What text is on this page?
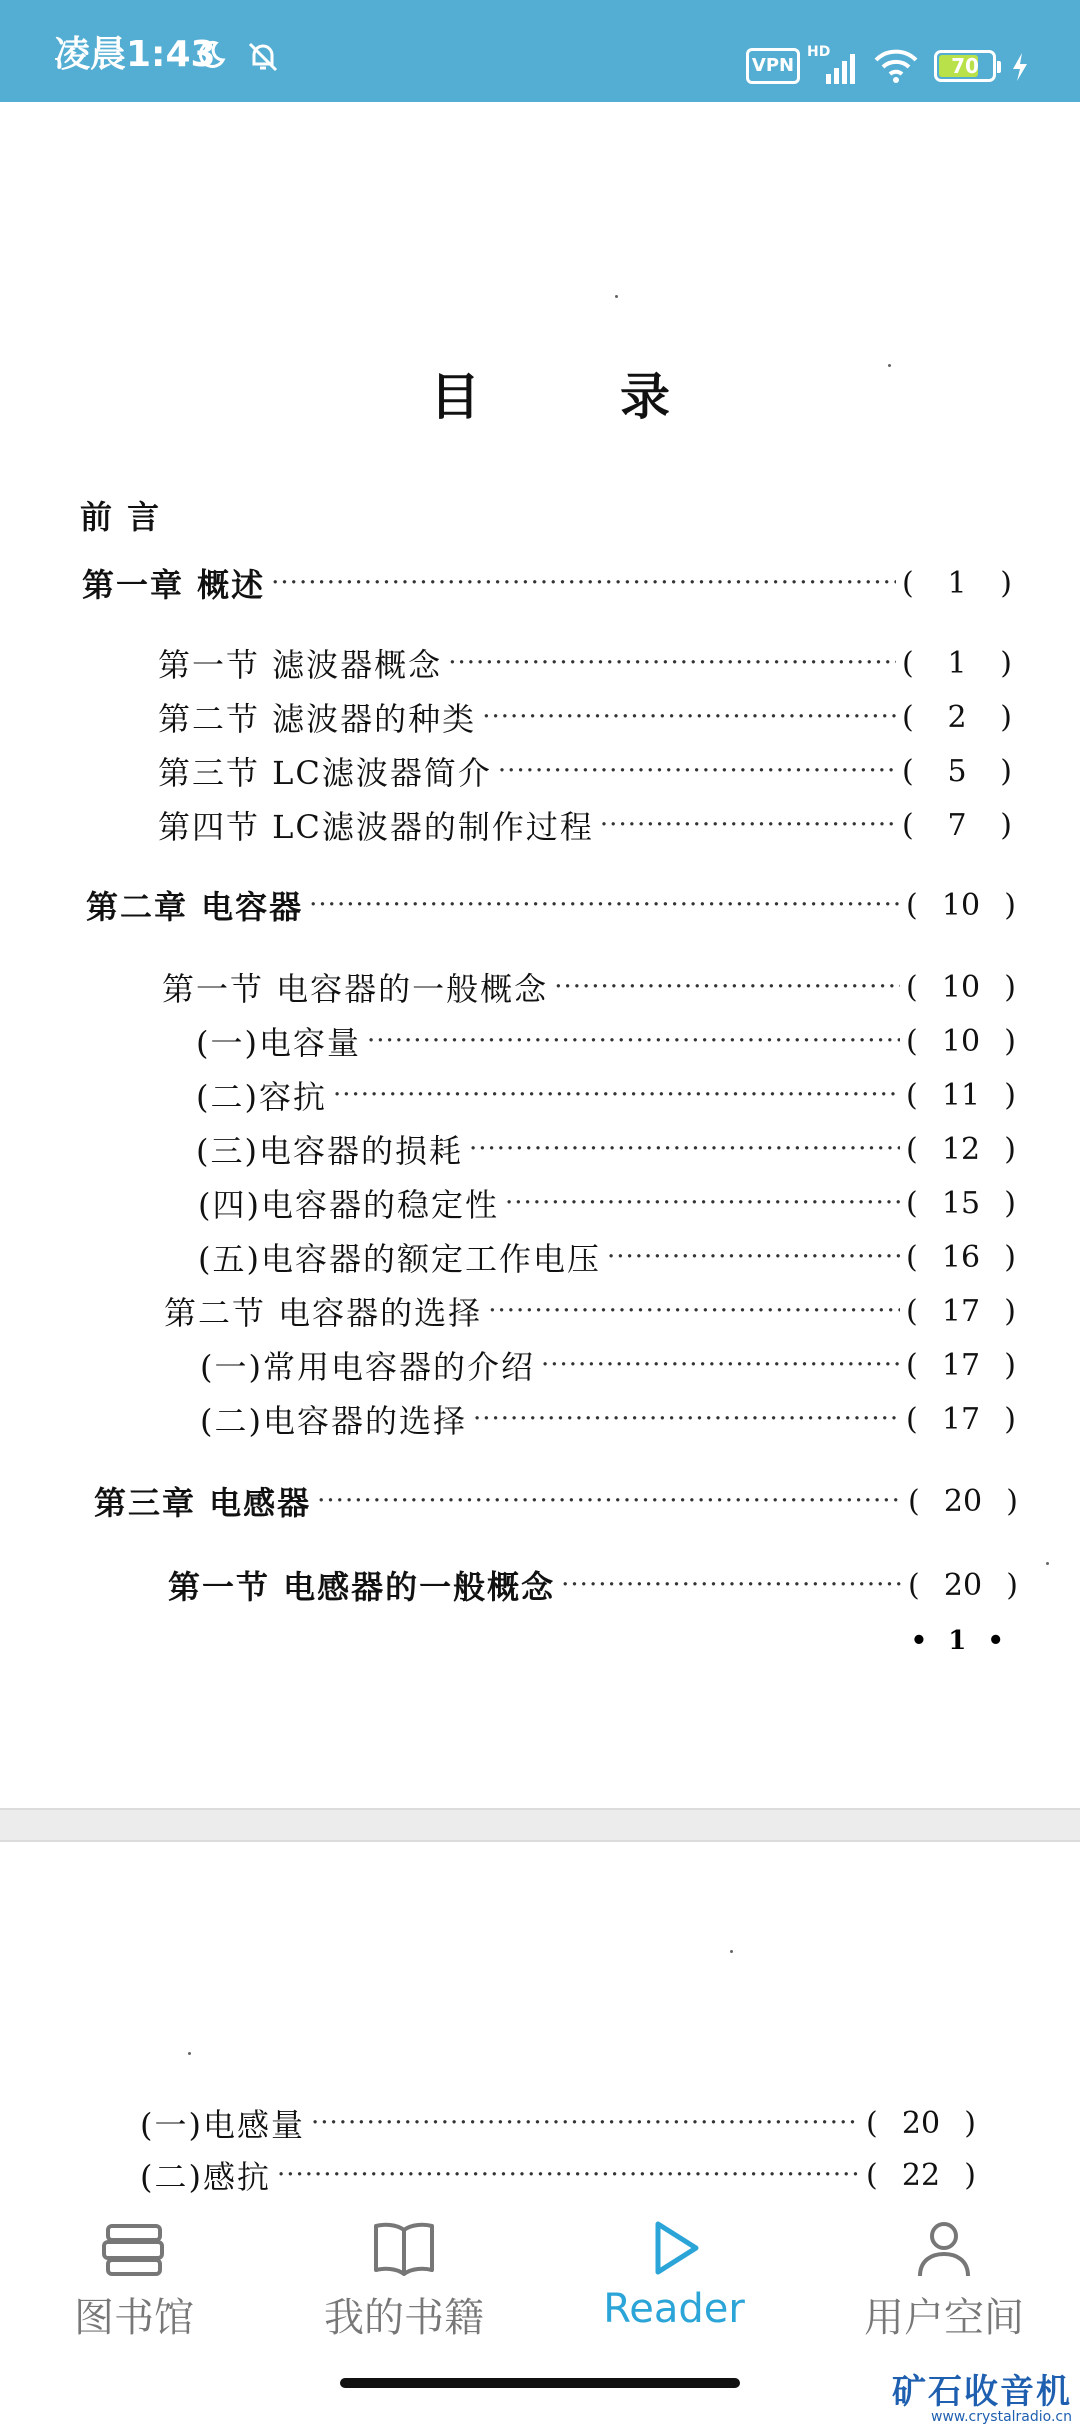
凌晨1:43	VPN
HD
70
目	录
前 言
第一章 概述 ·····	( 1 )
第一节 滤波器概念 ·····	( 1 )
第二节 滤波器的种类 ·····	( 2 )
第三节 LC滤波器简介 ·····	( 5 )
第四节 LC滤波器的制作过程 ·····	( 7 )
第二章 电容器 ·····	( 10 )
第一节 电容器的一般概念 ·····	( 10 )
(一)电容量 ·····	( 10 )
(二)容抗 ·····	( 11 )
(三)电容器的损耗 ·····	( 12 )
(四)电容器的稳定性 ·····	( 15 )
(五)电容器的额定工作电压 ·····	( 16 )
第二节 电容器的选择 ·····	( 17 )
(一)常用电容器的介绍 ·····	( 17 )
(二)电容器的选择 ·····	( 17 )
第三章 电感器 ·····	( 20 )
第一节 电感器的一般概念 ·····	( 20 )
• 1 •
(一)电感量 ·····	( 20 )
(二)感抗 ·····	( 22 )
图书馆	我的书籍	Reader	用户空间
矿石收音机
www.crystalradio.cn
